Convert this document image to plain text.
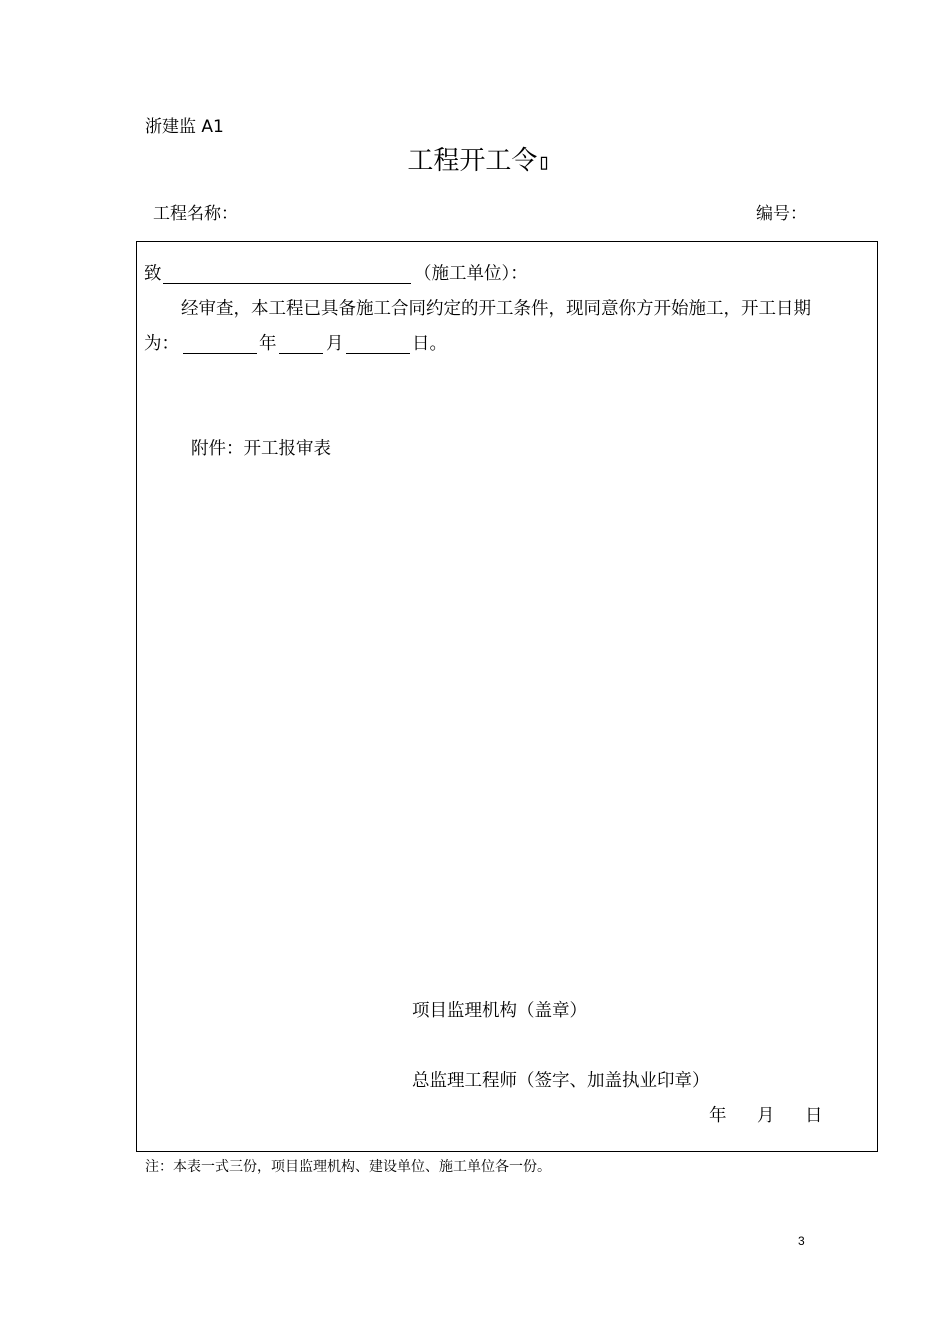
浙建监 A1
工程开工令▯
工程名称：	编号：
致	（施工单位）：
经审查，本工程已具备施工合同约定的开工条件，现同意你方开始施工，开工日期
为：	年	月	日。
附件：开工报审表
项目监理机构（盖章）
总监理工程师（签字、加盖执业印章）
年 月 日
注：本表一式三份，项目监理机构、建设单位、施工单位各一份。
3
